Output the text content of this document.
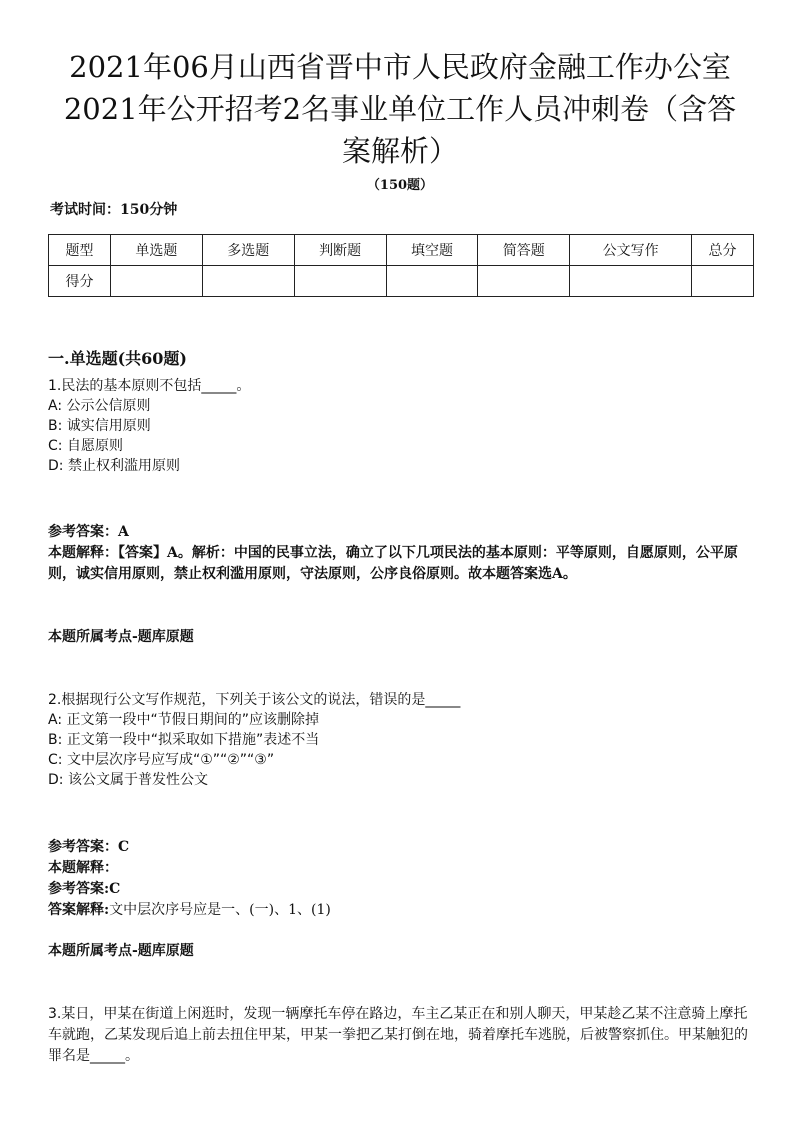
2021年06月山西省晋中市人民政府金融工作办公室
2021年公开招考2名事业单位工作人员冲刺卷（含答
案解析）
（150题）
考试时间：150分钟
题型	单选题	多选题	判断题	填空题	简答题	公文写作	总分
得分							
一.单选题(共60题)
1.民法的基本原则不包括_____。
A: 公示公信原则
B: 诚实信用原则
C: 自愿原则
D: 禁止权利滥用原则
参考答案：A
本题解释：【答案】A。解析：中国的民事立法，确立了以下几项民法的基本原则：平等原则，自愿原则，公平原则，诚实信用原则，禁止权利滥用原则，守法原则，公序良俗原则。故本题答案选A。
本题所属考点-题库原题
2.根据现行公文写作规范，下列关于该公文的说法，错误的是_____
A: 正文第一段中“节假日期间的”应该删除掉
B: 正文第一段中“拟采取如下措施”表述不当
C: 文中层次序号应写成“①”“②”“③”
D: 该公文属于普发性公文
参考答案：C
本题解释：
参考答案:C
答案解释:文中层次序号应是一、(一)、1、(1)
本题所属考点-题库原题
3.某日，甲某在街道上闲逛时，发现一辆摩托车停在路边，车主乙某正在和别人聊天，甲某趁乙某不注意骑上摩托车就跑，乙某发现后追上前去扭住甲某，甲某一拳把乙某打倒在地，骑着摩托车逃脱，后被警察抓住。甲某触犯的罪名是_____。
